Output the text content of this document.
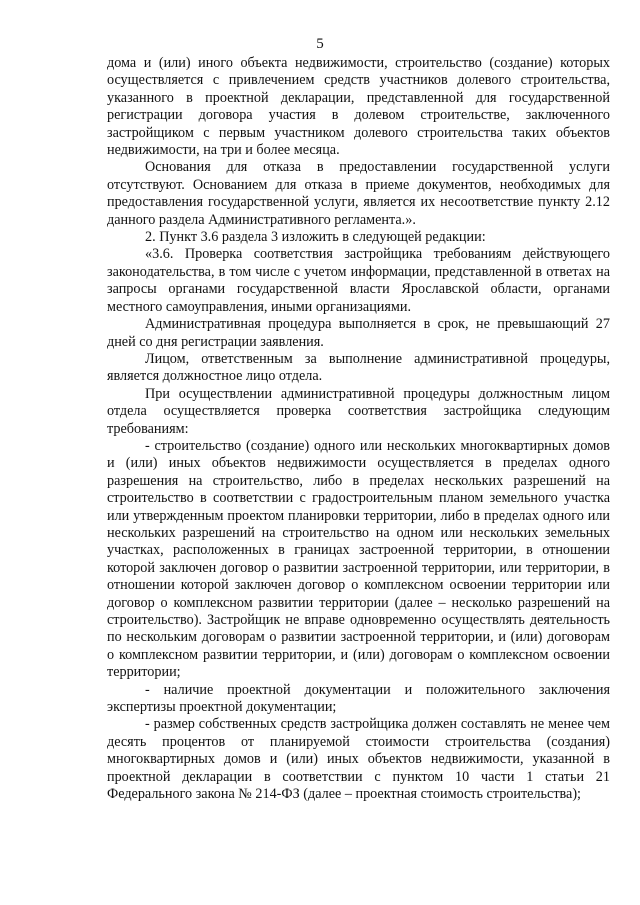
5

дома и (или) иного объекта недвижимости, строительство (создание) которых осуществляется с привлечением средств участников долевого строительства, указанного в проектной декларации, представленной для государственной регистрации договора участия в долевом строительстве, заключенного застройщиком с первым участником долевого строительства таких объектов недвижимости, на три и более месяца.

Основания для отказа в предоставлении государственной услуги отсутствуют. Основанием для отказа в приеме документов, необходимых для предоставления государственной услуги, является их несоответствие пункту 2.12 данного раздела Административного регламента.».

2. Пункт 3.6 раздела 3 изложить в следующей редакции:

«3.6. Проверка соответствия застройщика требованиям действующего законодательства, в том числе с учетом информации, представленной в ответах на запросы органами государственной власти Ярославской области, органами местного самоуправления, иными организациями.

Административная процедура выполняется в срок, не превышающий 27 дней со дня регистрации заявления.

Лицом, ответственным за выполнение административной процедуры, является должностное лицо отдела.

При осуществлении административной процедуры должностным лицом отдела осуществляется проверка соответствия застройщика следующим требованиям:

- строительство (создание) одного или нескольких многоквартирных домов и (или) иных объектов недвижимости осуществляется в пределах одного разрешения на строительство, либо в пределах нескольких разрешений на строительство в соответствии с градостроительным планом земельного участка или утвержденным проектом планировки территории, либо в пределах одного или нескольких разрешений на строительство на одном или нескольких земельных участках, расположенных в границах застроенной территории, в отношении которой заключен договор о развитии застроенной территории, или территории, в отношении которой заключен договор о комплексном освоении территории или договор о комплексном развитии территории (далее – несколько разрешений на строительство). Застройщик не вправе одновременно осуществлять деятельность по нескольким договорам о развитии застроенной территории, и (или) договорам о комплексном развитии территории, и (или) договорам о комплексном освоении территории;

- наличие проектной документации и положительного заключения экспертизы проектной документации;

- размер собственных средств застройщика должен составлять не менее чем десять процентов от планируемой стоимости строительства (создания) многоквартирных домов и (или) иных объектов недвижимости, указанной в проектной декларации в соответствии с пунктом 10 части 1 статьи 21 Федерального закона № 214-ФЗ (далее – проектная стоимость строительства);
